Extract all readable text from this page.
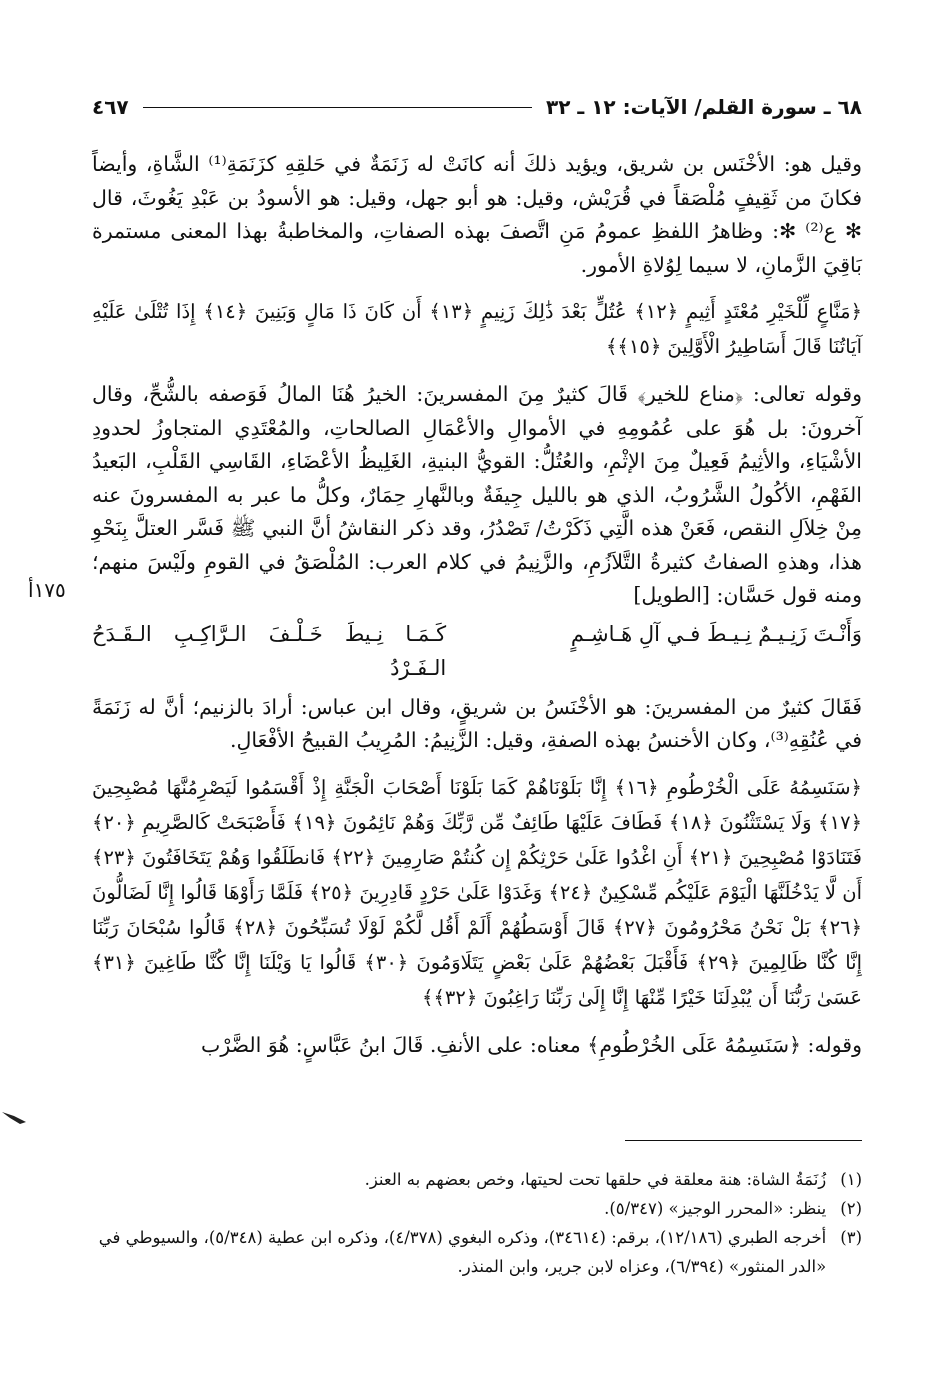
٦٨ ـ سورة القلم/ الآيات: ١٢ ـ ٣٢
٤٦٧
١٧٥أ

وقيل هو: الأخْنَس بن شريق، ويؤيد ذلكَ أنه كانَتْ له زَنَمَةٌ في حَلقِهِ كزَنَمَةِ⁽¹⁾ الشَّاةِ، وأيضاً فكانَ من ثَقِيفٍ مُلْصَقاً في قُرَيْش، وقيل: هو أبو جهل، وقيل: هو الأسودُ بن عَبْدِ يَغُوثَ، قال ✻ ع⁽²⁾ ✻: وظاهرُ اللفظِ عمومُ مَنِ اتَّصفَ بهذه الصفاتِ، والمخاطبةُ بهذا المعنى مستمرة بَاقِيَ الزَّمانِ، لا سيما لِوُلاةِ الأمور.

﴿مَنَّاعٍ لِّلْخَيْرِ مُعْتَدٍ أَثِيمٍ ﴿١٢﴾ عُتُلٍّ بَعْدَ ذَٰلِكَ زَنِيمٍ ﴿١٣﴾ أَن كَانَ ذَا مَالٍ وَبَنِينَ ﴿١٤﴾ إِذَا تُتْلَىٰ عَلَيْهِ آيَاتُنَا قَالَ أَسَاطِيرُ الْأَوَّلِينَ ﴿١٥﴾﴾

وقوله تعالى: ﴿مناع للخير﴾ قَالَ كثيرٌ مِنَ المفسرينَ: الخيرُ هُنَا المالُ فَوَصفه بالشُّحِّ، وقال آخرونَ: بل هُوَ على عُمُومِهِ في الأموالِ والأعْمَالِ الصالحاتِ، والمُعْتَدِي المتجاوزُ لحدودِ الأشْيَاءِ، والأثِيمُ فَعِيلٌ مِنَ الإثْمِ، والعُتُلُّ: القويُّ البنيةِ، الغَلِيظُ الأعْضَاءِ، القَاسِي القَلْبِ، البَعيدُ الفَهْمِ، الأكُولُ الشَّرُوبُ، الذي هو بالليل جِيفَةٌ وبالنَّهارِ حِمَارٌ، وكلُّ ما عبر به المفسرونَ عنه مِنْ خِلاَلِ النقص، فَعَنْ هذه الَّتِي ذَكَرْتُ/ تَصْدُرُ، وقد ذكر النقاشُ أنَّ النبي ﷺ فَسَّر العتلَّ بِنَحْوِ هذا، وهذهِ الصفاتُ كثيرةُ التَّلاَزُمِ، والزَّنِيمُ في كلام العرب: المُلْصَقُ في القومِ ولَيْسَ منهم؛ ومنه قول حَسَّان: [الطويل]

وَأَنْـتَ زَنِـيـمٌ نِـيـطَ فـي آلِ هَـاشِـمٍ
كَـمَـا نِـيطَ خَـلْـفَ الـرَّاكِـبِ الـقَـدَحُ الـفَـرْدُ

فَقَالَ كثيرٌ من المفسرينَ: هو الأخْنَسُ بن شريقٍ، وقال ابن عباس: أرادَ بالزنيم؛ أنَّ له زَنَمَةً في عُنُقِهِ⁽³⁾، وكان الأخنسُ بهذه الصفةِ، وقيل: الزَّنِيمُ: المُرِيبُ القبيحُ الأفْعَالِ.

﴿سَنَسِمُهُ عَلَى الْخُرْطُومِ ﴿١٦﴾ إِنَّا بَلَوْنَاهُمْ كَمَا بَلَوْنَا أَصْحَابَ الْجَنَّةِ إِذْ أَقْسَمُوا لَيَصْرِمُنَّهَا مُصْبِحِينَ ﴿١٧﴾ وَلَا يَسْتَثْنُونَ ﴿١٨﴾ فَطَافَ عَلَيْهَا طَائِفٌ مِّن رَّبِّكَ وَهُمْ نَائِمُونَ ﴿١٩﴾ فَأَصْبَحَتْ كَالصَّرِيمِ ﴿٢٠﴾ فَتَنَادَوْا مُصْبِحِينَ ﴿٢١﴾ أَنِ اغْدُوا عَلَىٰ حَرْثِكُمْ إِن كُنتُمْ صَارِمِينَ ﴿٢٢﴾ فَانطَلَقُوا وَهُمْ يَتَخَافَتُونَ ﴿٢٣﴾ أَن لَّا يَدْخُلَنَّهَا الْيَوْمَ عَلَيْكُم مِّسْكِينٌ ﴿٢٤﴾ وَغَدَوْا عَلَىٰ حَرْدٍ قَادِرِينَ ﴿٢٥﴾ فَلَمَّا رَأَوْهَا قَالُوا إِنَّا لَضَالُّونَ ﴿٢٦﴾ بَلْ نَحْنُ مَحْرُومُونَ ﴿٢٧﴾ قَالَ أَوْسَطُهُمْ أَلَمْ أَقُل لَّكُمْ لَوْلَا تُسَبِّحُونَ ﴿٢٨﴾ قَالُوا سُبْحَانَ رَبِّنَا إِنَّا كُنَّا ظَالِمِينَ ﴿٢٩﴾ فَأَقْبَلَ بَعْضُهُمْ عَلَىٰ بَعْضٍ يَتَلَاوَمُونَ ﴿٣٠﴾ قَالُوا يَا وَيْلَنَا إِنَّا كُنَّا طَاغِينَ ﴿٣١﴾ عَسَىٰ رَبُّنَا أَن يُبْدِلَنَا خَيْرًا مِّنْهَا إِنَّا إِلَىٰ رَبِّنَا رَاغِبُونَ ﴿٣٢﴾﴾

وقوله: ﴿سَنَسِمُهُ عَلَى الخُرْطُومِ﴾ معناه: على الأنفِ. قَالَ ابنُ عَبَّاسٍ: هُوَ الضَّرْب

(١)
زُنَمَةُ الشاة: هنة معلقة في حلقها تحت لحيتها، وخص بعضهم به العنز.

(٢)
ينظر: «المحرر الوجيز» (٥/٣٤٧).

(٣)
أخرجه الطبري (١٢/١٨٦)، برقم: (٣٤٦١٤)، وذكره البغوي (٤/٣٧٨)، وذكره ابن عطية (٥/٣٤٨)، والسيوطي في «الدر المنثور» (٦/٣٩٤)، وعزاه لابن جرير، وابن المنذر.
